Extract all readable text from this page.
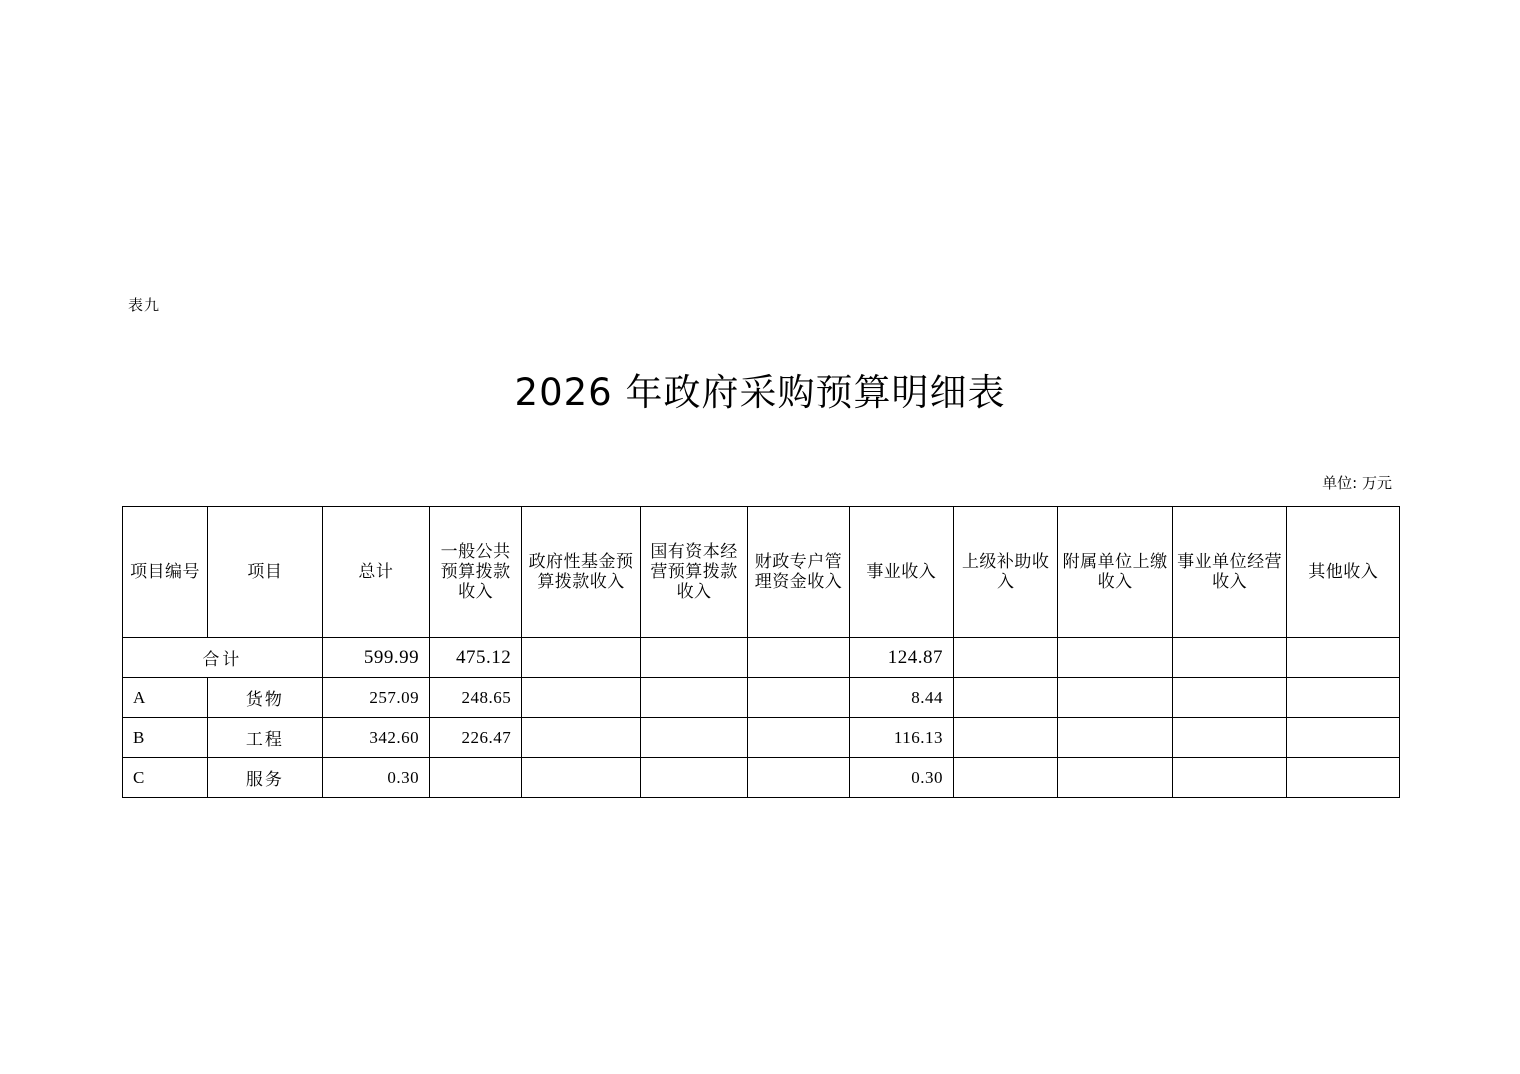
表九
2026 年政府采购预算明细表
单位: 万元
项目编号	项目	总计	一般公共预算拨款收入	政府性基金预算拨款收入	国有资本经营预算拨款收入	财政专户管理资金收入	事业收入	上级补助收入	附属单位上缴收入	事业单位经营收入	其他收入
合计		599.99	475.12				124.87				
A	货物	257.09	248.65				8.44				
B	工程	342.60	226.47				116.13				
C	服务	0.30					0.30				
